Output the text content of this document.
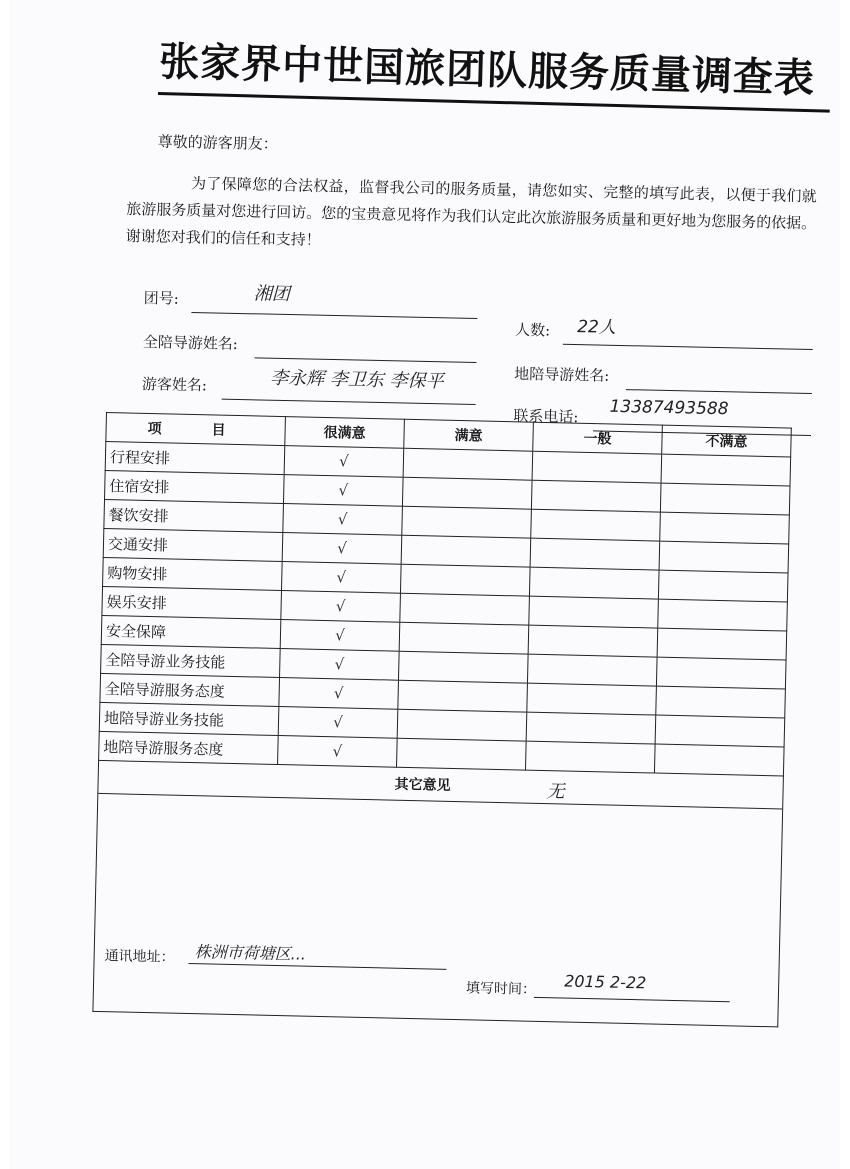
张家界中世国旅团队服务质量调查表

尊敬的游客朋友：

为了保障您的合法权益，监督我公司的服务质量，请您如实、完整的填写此表，以便于我们就旅游服务质量对您进行回访。您的宝贵意见将作为我们认定此次旅游服务质量和更好地为您服务的依据。谢谢您对我们的信任和支持！

团号:	湘团
人数: 22人
全陪导游姓名:
地陪导游姓名:
游客姓名:	李永辉 李卫东 李保平
联系电话: 13387493588
项　目	很满意	满意	一般	不满意
行程安排	√			
住宿安排	√			
餐饮安排	√			
交通安排	√			
购物安排	√			
娱乐安排	√			
安全保障	√			
全陪导游业务技能	√			
全陪导游服务态度	√			
地陪导游业务技能	√			
地陪导游服务态度	√			
其它意见	无
通讯地址： 株洲市荷塘区...
填写时间： 2015 2-22
